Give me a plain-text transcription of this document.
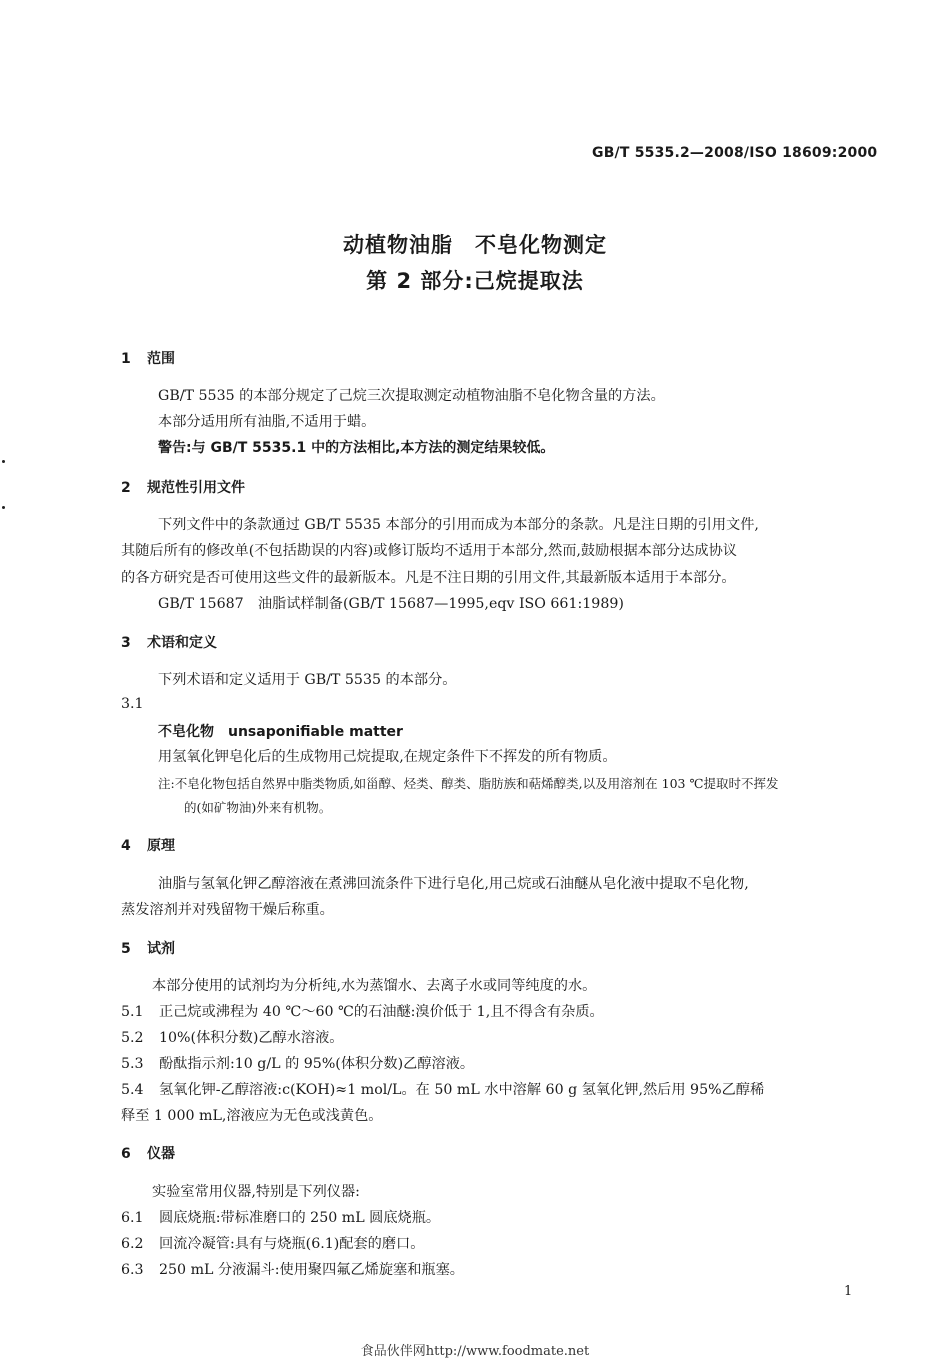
GB/T 5535.2—2008/ISO 18609:2000
动植物油脂　不皂化物测定
第 2 部分:己烷提取法
1 范围
GB/T 5535 的本部分规定了己烷三次提取测定动植物油脂不皂化物含量的方法。
本部分适用所有油脂,不适用于蜡。
警告:与 GB/T 5535.1 中的方法相比,本方法的测定结果较低。
2 规范性引用文件
下列文件中的条款通过 GB/T 5535 本部分的引用而成为本部分的条款。凡是注日期的引用文件,
其随后所有的修改单(不包括勘误的内容)或修订版均不适用于本部分,然而,鼓励根据本部分达成协议
的各方研究是否可使用这些文件的最新版本。凡是不注日期的引用文件,其最新版本适用于本部分。
GB/T 15687　油脂试样制备(GB/T 15687—1995,eqv ISO 661:1989)
3 术语和定义
下列术语和定义适用于 GB/T 5535 的本部分。
3.1
不皂化物　unsaponifiable matter
用氢氧化钾皂化后的生成物用己烷提取,在规定条件下不挥发的所有物质。
注:不皂化物包括自然界中脂类物质,如甾醇、烃类、醇类、脂肪族和萜烯醇类,以及用溶剂在 103 ℃提取时不挥发
的(如矿物油)外来有机物。
4 原理
油脂与氢氧化钾乙醇溶液在煮沸回流条件下进行皂化,用己烷或石油醚从皂化液中提取不皂化物,
蒸发溶剂并对残留物干燥后称重。
5 试剂
本部分使用的试剂均为分析纯,水为蒸馏水、去离子水或同等纯度的水。
5.1 正己烷或沸程为 40 ℃～60 ℃的石油醚:溴价低于 1,且不得含有杂质。
5.2 10%(体积分数)乙醇水溶液。
5.3 酚酞指示剂:10 g/L 的 95%(体积分数)乙醇溶液。
5.4 氢氧化钾-乙醇溶液:c(KOH)≈1 mol/L。在 50 mL 水中溶解 60 g 氢氧化钾,然后用 95%乙醇稀
释至 1 000 mL,溶液应为无色或浅黄色。
6 仪器
实验室常用仪器,特别是下列仪器:
6.1 圆底烧瓶:带标准磨口的 250 mL 圆底烧瓶。
6.2 回流冷凝管:具有与烧瓶(6.1)配套的磨口。
6.3 250 mL 分液漏斗:使用聚四氟乙烯旋塞和瓶塞。
1
食品伙伴网http://www.foodmate.net
